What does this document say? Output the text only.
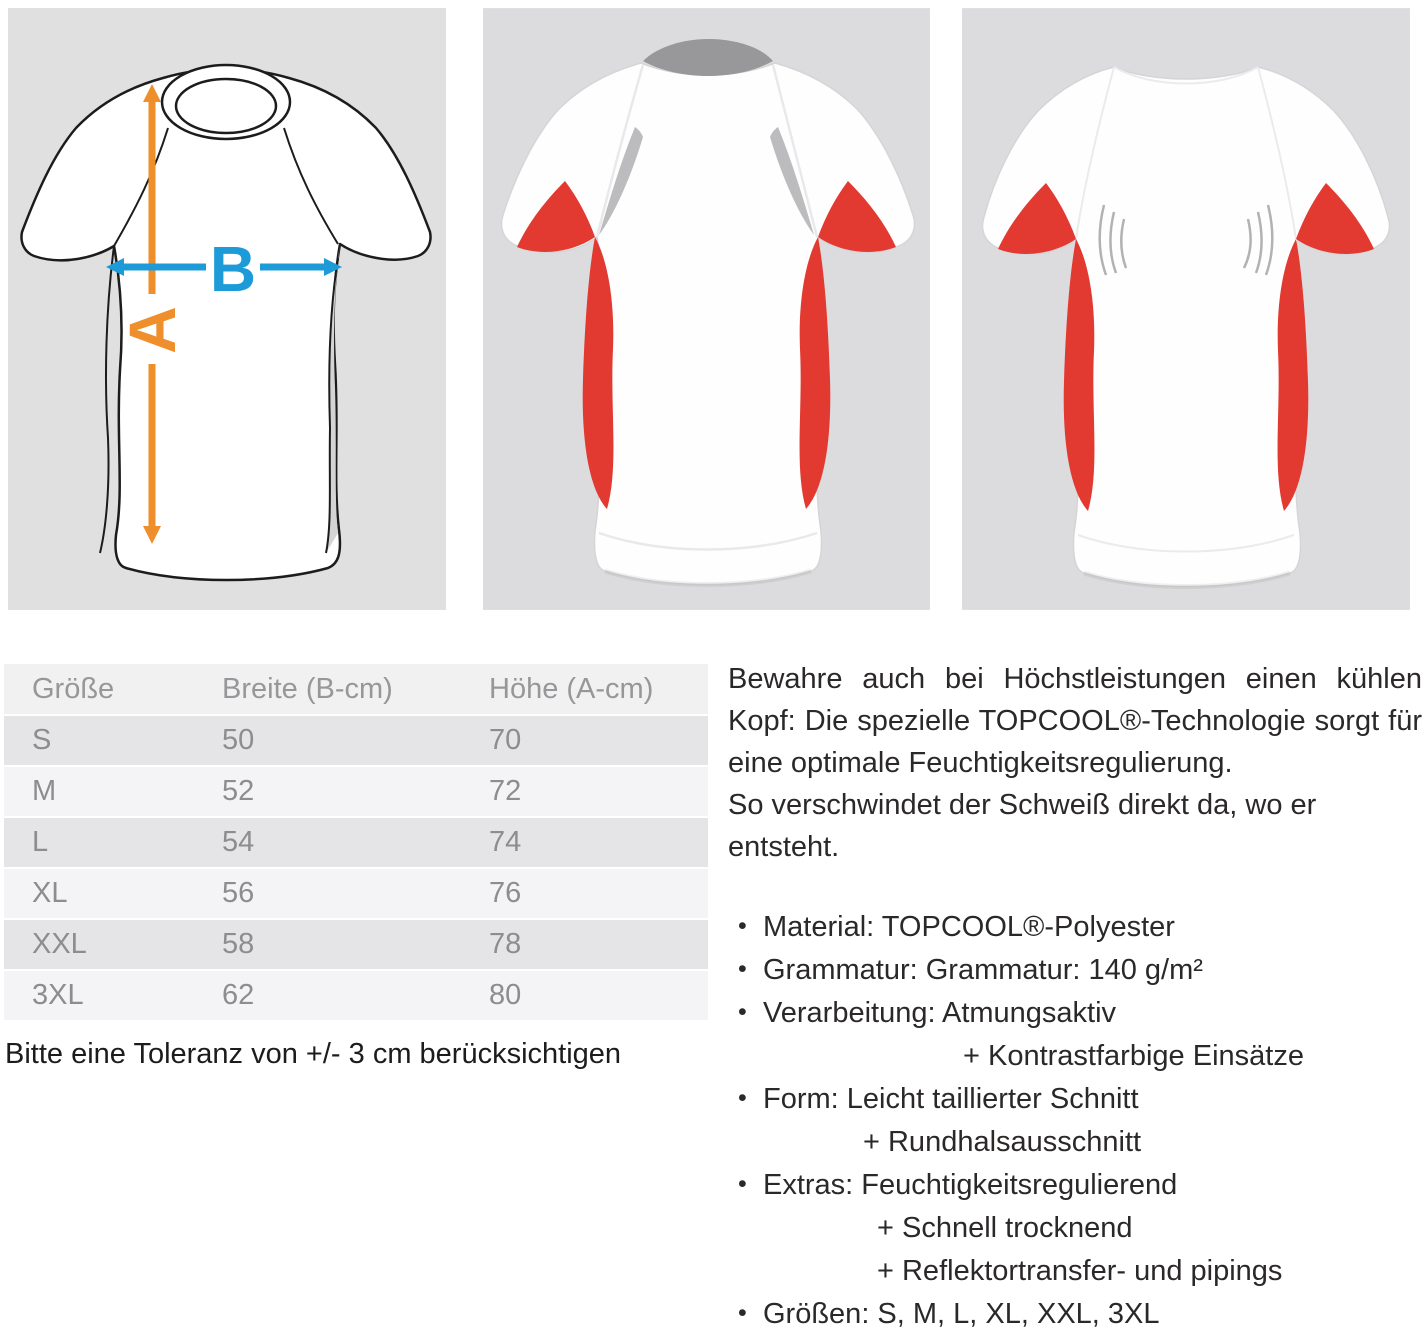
A
B
Größe	Breite (B-cm)	Höhe (A-cm)
S	50	70
M	52	72
L	54	74
XL	56	76
XXL	58	78
3XL	62	80
Bitte eine Toleranz von +/- 3 cm berücksichtigen

Bewahre auch bei Höchstleistungen einen kühlen Kopf: Die spezielle TOPCOOL®-Technologie sorgt für eine optimale Feuchtigkeitsregulierung.

So verschwindet der Schweiß direkt da, wo er entsteht.

• Material: TOPCOOL®-Polyester
• Grammatur: Grammatur: 140 g/m²
• Verarbeitung: Atmungsaktiv
+ Kontrastfarbige Einsätze
• Form: Leicht taillierter Schnitt
+ Rundhalsausschnitt
• Extras: Feuchtigkeitsregulierend
+ Schnell trocknend
+ Reflektortransfer- und pipings
• Größen: S, M, L, XL, XXL, 3XL
